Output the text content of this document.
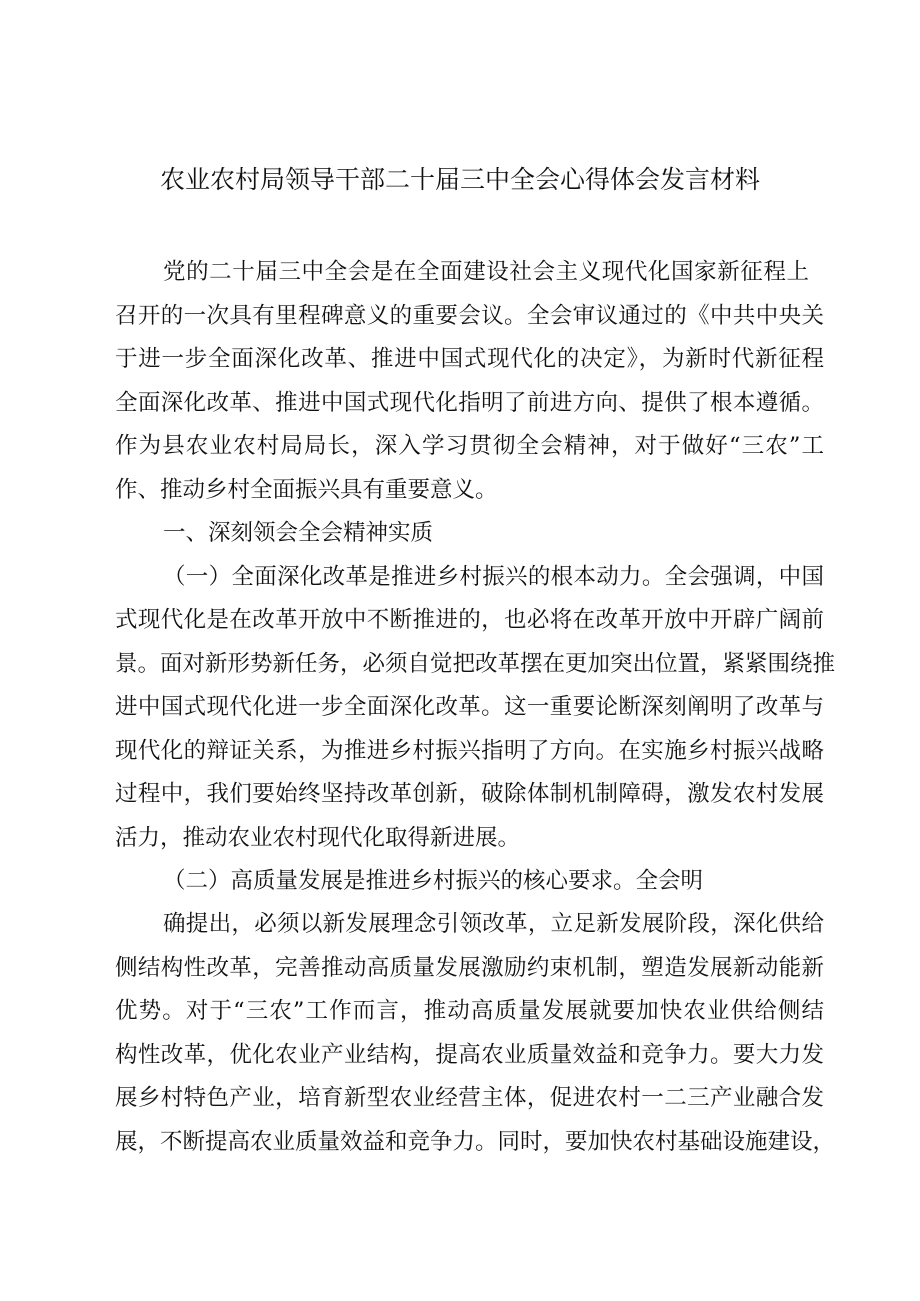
农业农村局领导干部二十届三中全会心得体会发言材料
党的二十届三中全会是在全面建设社会主义现代化国家新征程上
召开的一次具有里程碑意义的重要会议。全会审议通过的《中共中央关
于进一步全面深化改革、推进中国式现代化的决定》，为新时代新征程
全面深化改革、推进中国式现代化指明了前进方向、提供了根本遵循。
作为县农业农村局局长，深入学习贯彻全会精神，对于做好“三农”工
作、推动乡村全面振兴具有重要意义。
一、深刻领会全会精神实质
（一）全面深化改革是推进乡村振兴的根本动力。全会强调，中国
式现代化是在改革开放中不断推进的，也必将在改革开放中开辟广阔前
景。面对新形势新任务，必须自觉把改革摆在更加突出位置，紧紧围绕推
进中国式现代化进一步全面深化改革。这一重要论断深刻阐明了改革与
现代化的辩证关系，为推进乡村振兴指明了方向。在实施乡村振兴战略
过程中，我们要始终坚持改革创新，破除体制机制障碍，激发农村发展
活力，推动农业农村现代化取得新进展。
（二）高质量发展是推进乡村振兴的核心要求。全会明
确提出，必须以新发展理念引领改革，立足新发展阶段，深化供给
侧结构性改革，完善推动高质量发展激励约束机制，塑造发展新动能新
优势。对于“三农”工作而言，推动高质量发展就要加快农业供给侧结
构性改革，优化农业产业结构，提高农业质量效益和竞争力。要大力发
展乡村特色产业，培育新型农业经营主体，促进农村一二三产业融合发
展，不断提高农业质量效益和竞争力。同时，要加快农村基础设施建设，
